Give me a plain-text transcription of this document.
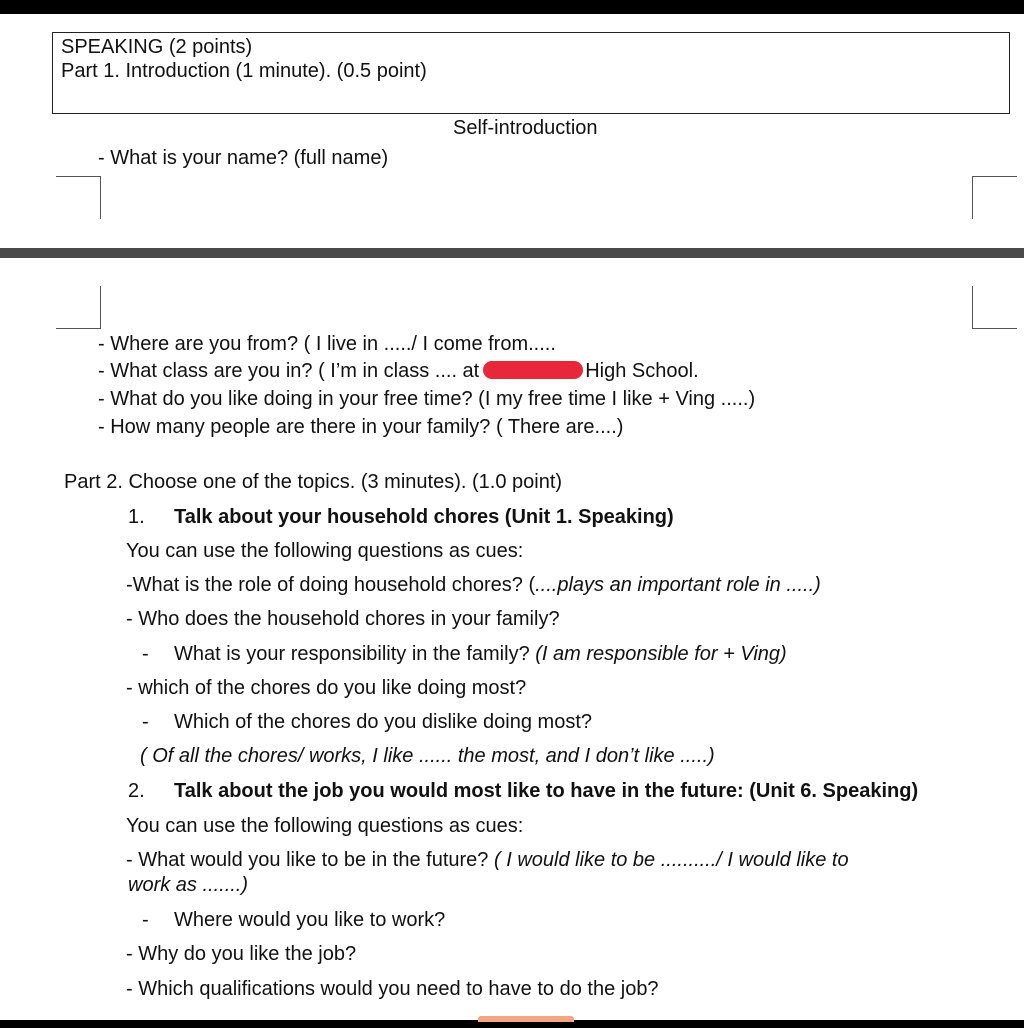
SPEAKING (2 points)
Part 1. Introduction (1 minute). (0.5 point)
Self-introduction
- What is your name? (full name)
- Where are you from? ( I live in ...../ I come from.....
- What class are you in? ( I’m in class .... at	High School.
- What do you like doing in your free time? (I my free time I like + Ving .....)
- How many people are there in your family? ( There are....)
Part 2. Choose one of the topics. (3 minutes). (1.0 point)
1. Talk about your household chores (Unit 1. Speaking)
You can use the following questions as cues:
-What is the role of doing household chores? (....plays an important role in .....)
- Who does the household chores in your family?
- What is your responsibility in the family? (I am responsible for + Ving)
- which of the chores do you like doing most?
- Which of the chores do you dislike doing most?
( Of all the chores/ works, I like ...... the most, and I don’t like .....)
2. Talk about the job you would most like to have in the future: (Unit 6. Speaking)
You can use the following questions as cues:
- What would you like to be in the future? ( I would like to be ........../ I would like to
work as .......)
- Where would you like to work?
- Why do you like the job?
- Which qualifications would you need to have to do the job?
